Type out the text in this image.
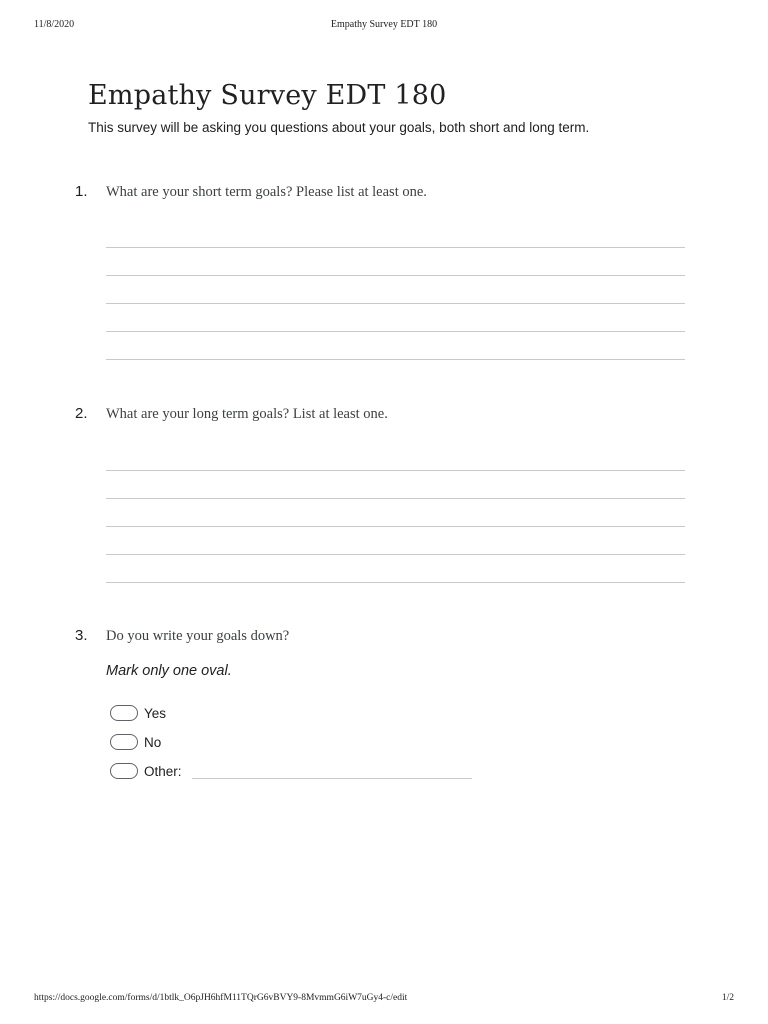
11/8/2020	Empathy Survey EDT 180
Empathy Survey EDT 180
This survey will be asking you questions about your goals, both short and long term.
1. What are your short term goals? Please list at least one.
2. What are your long term goals? List at least one.
3. Do you write your goals down?
Mark only one oval.
Yes
No
Other:
https://docs.google.com/forms/d/1btlk_O6pJH6hfM11TQrG6vBVY9-8MvmmG6iW7uGy4-c/edit	1/2
